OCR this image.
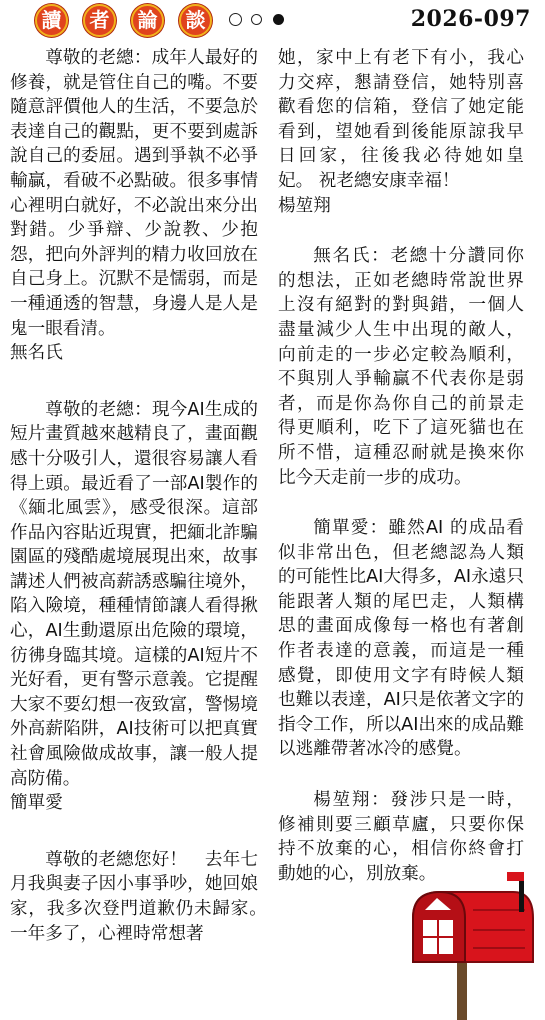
讀	者	論	談	2026-097

尊敬的老總：成年人最好的修養，就是管住自己的嘴。不要隨意評價他人的生活，不要急於表達自己的觀點，更不要到處訴說自己的委屈。遇到爭執不必爭輸贏，看破不必點破。很多事情心裡明白就好，不必說出來分出對錯。少爭辯、少說教、少抱怨，把向外評判的精力收回放在自己身上。沉默不是懦弱，而是一種通透的智慧，身邊人是人是鬼一眼看清。

無名氏

尊敬的老總：現今AI生成的短片畫質越來越精良了，畫面觀感十分吸引人，還很容易讓人看得上頭。最近看了一部AI製作的《緬北風雲》，感受很深。這部作品內容貼近現實，把緬北詐騙園區的殘酷處境展現出來，故事講述人們被高薪誘惑騙往境外，陷入險境，種種情節讓人看得揪心，AI生動還原出危險的環境，彷彿身臨其境。這樣的AI短片不光好看，更有警示意義。它提醒大家不要幻想一夜致富，警惕境外高薪陷阱，AI技術可以把真實社會風險做成故事，讓一般人提高防備。

簡單愛

尊敬的老總您好！　去年七月我與妻子因小事爭吵，她回娘家，我多次登門道歉仍未歸家。　一年多了，心裡時常想著

她，家中上有老下有小，我心力交瘁，懇請登信，她特別喜歡看您的信箱，登信了她定能看到，望她看到後能原諒我早日回家，往後我必待她如皇妃。 祝老總安康幸福！

楊堃翔

無名氏：老總十分讚同你的想法，正如老總時常說世界上沒有絕對的對與錯，一個人盡量減少人生中出現的敵人，向前走的一步必定較為順利，不與別人爭輸贏不代表你是弱者，而是你為你自己的前景走得更順利，吃下了這死貓也在所不惜，這種忍耐就是換來你比今天走前一步的成功。

簡單愛：雖然AI 的成品看似非常出色，但老總認為人類的可能性比AI大得多，AI永遠只能跟著人類的尾巴走，人類構思的畫面成像每一格也有著創作者表達的意義，而這是一種感覺，即使用文字有時候人類也難以表達，AI只是依著文字的指令工作，所以AI出來的成品難以逃離帶著冰冷的感覺。

楊堃翔：發涉只是一時，修補則要三顧草廬，只要你保持不放棄的心，相信你終會打動她的心，別放棄。
